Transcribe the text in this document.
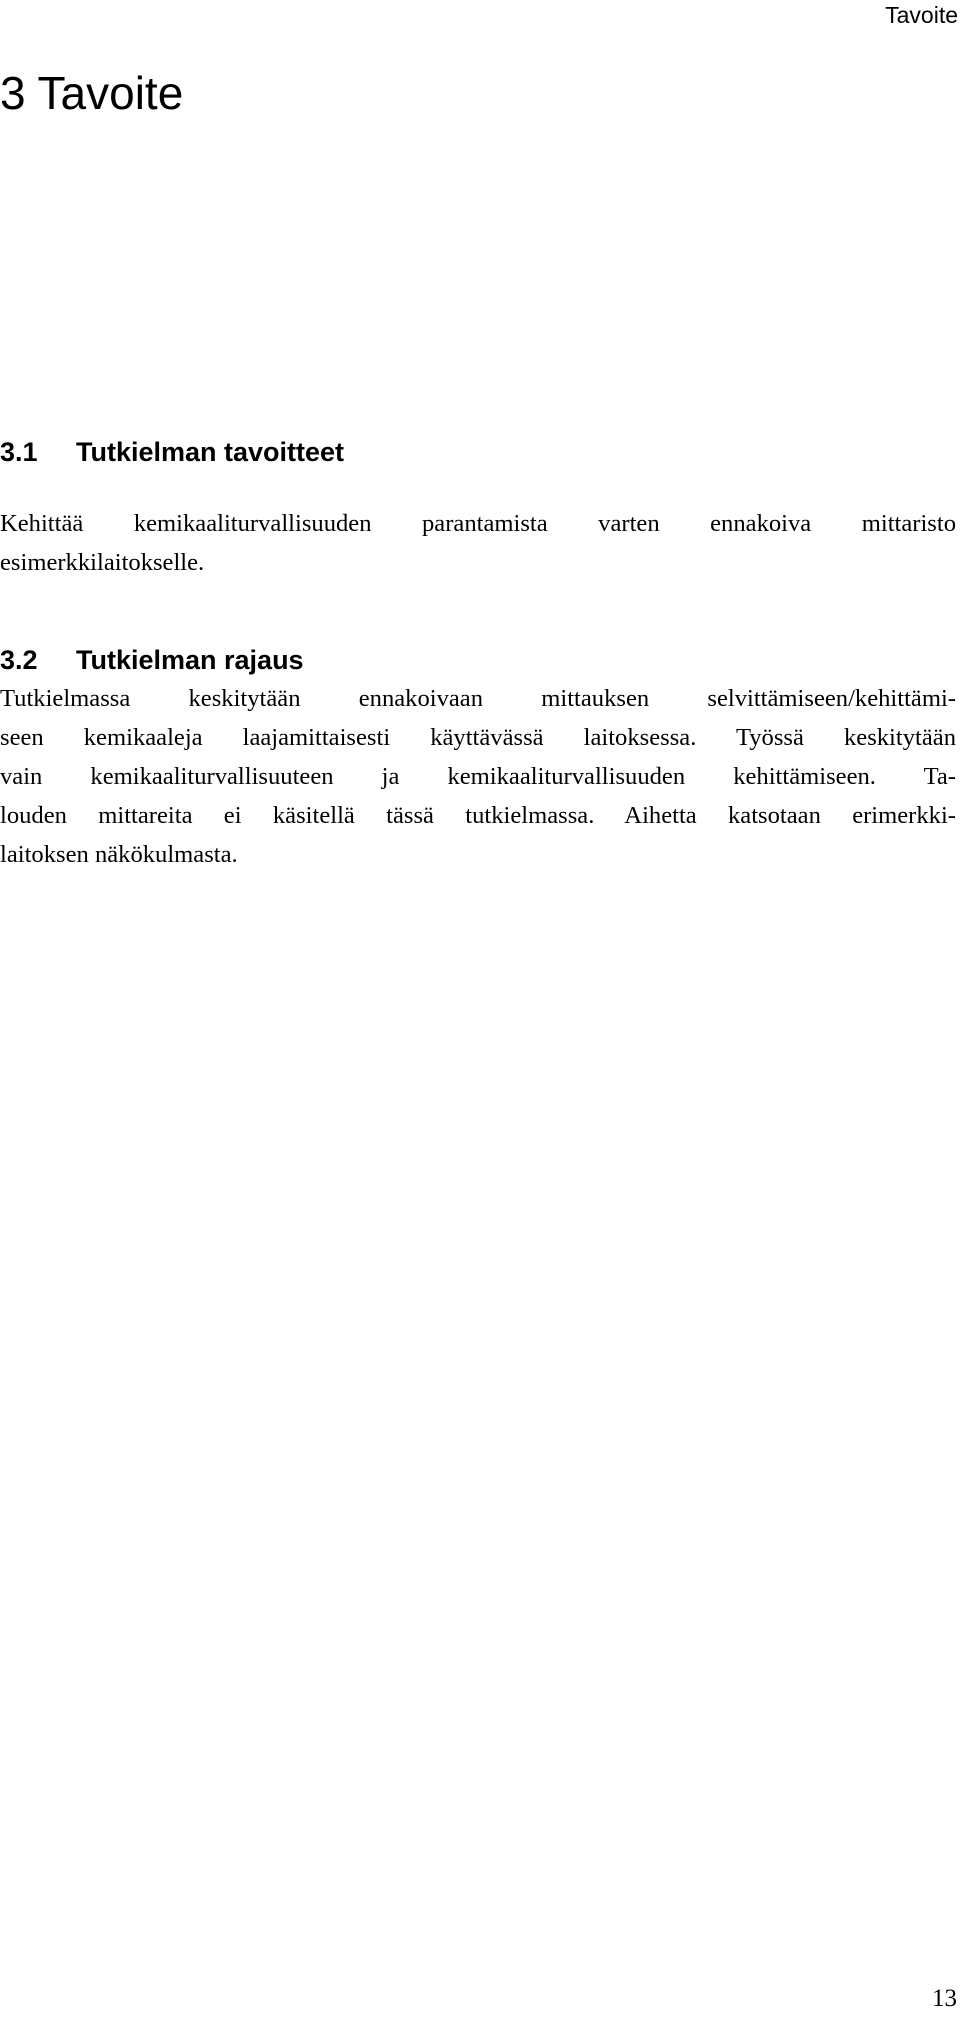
Tavoite
3 Tavoite
3.1 Tutkielman tavoitteet
Kehittää kemikaaliturvallisuuden parantamista varten ennakoiva mittaristo
esimerkkilaitokselle.
3.2 Tutkielman rajaus
Tutkielmassa keskitytään ennakoivaan mittauksen selvittämiseen/kehittämi-
seen kemikaaleja laajamittaisesti käyttävässä laitoksessa. Työssä keskitytään
vain kemikaaliturvallisuuteen ja kemikaaliturvallisuuden kehittämiseen. Ta-
louden mittareita ei käsitellä tässä tutkielmassa. Aihetta katsotaan erimerkki-
laitoksen näkökulmasta.
13
